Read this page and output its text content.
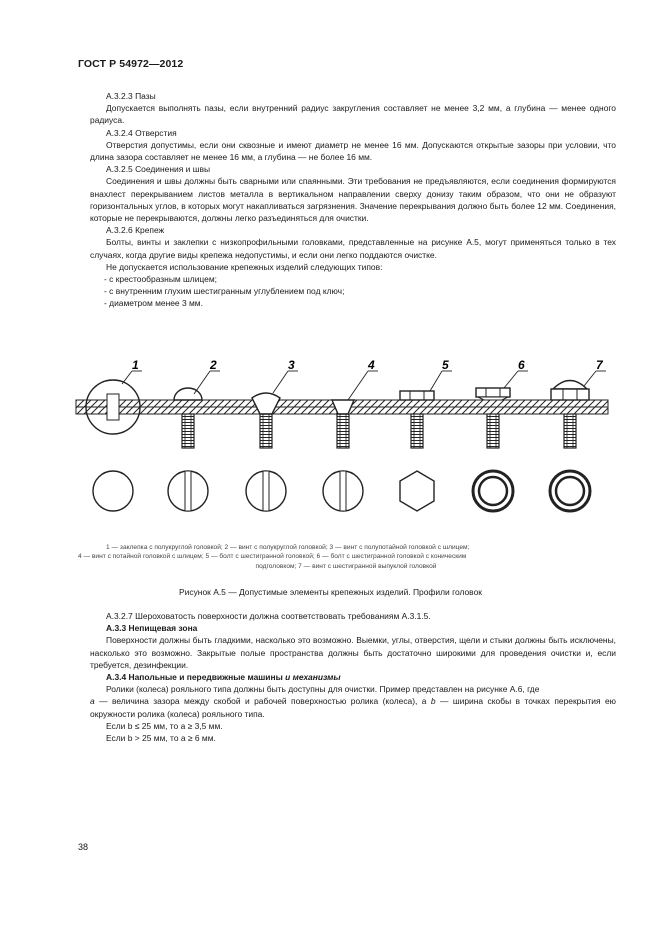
ГОСТ Р 54972—2012

А.3.2.3 Пазы

Допускается выполнять пазы, если внутренний радиус закругления составляет не менее 3,2 мм, а глубина — менее одного радиуса.

А.3.2.4 Отверстия

Отверстия допустимы, если они сквозные и имеют диаметр не менее 16 мм. Допускаются открытые зазоры при условии, что длина зазора составляет не менее 16 мм, а глубина — не более 16 мм.

А.3.2.5 Соединения и швы

Соединения и швы должны быть сварными или спаянными. Эти требования не предъявляются, если соединения формируются внахлест перекрыванием листов металла в вертикальном направлении сверху донизу таким образом, что они не образуют горизонтальных углов, в которых могут накапливаться загрязнения. Значение перекрывания должно быть более 12 мм. Соединения, которые не перекрываются, должны легко разъединяться для очистки.

А.3.2.6 Крепеж

Болты, винты и заклепки с низкопрофильными головками, представленные на рисунке А.5, могут применяться только в тех случаях, когда другие виды крепежа недопустимы, и если они легко поддаются очистке.

Не допускается использование крепежных изделий следующих типов:

- с крестообразным шлицем;

- с внутренним глухим шестигранным углублением под ключ;

- диаметром менее 3 мм.

1	2	3	4	5	6	7

1 — заклепка с полукруглой головкой; 2 — винт с полукруглой головкой; 3 — винт с полупотайной головкой с шлицем;

4 — винт с потайной головкой с шлицем; 5 — болт с шестигранной головкой; 6 — болт с шестигранной головкой с коническим

подголовком; 7 — винт с шестигранной выпуклой головкой

Рисунок А.5 — Допустимые элементы крепежных изделий. Профили головок

А.3.2.7 Шероховатость поверхности должна соответствовать требованиям А.3.1.5.

А.3.3 Непищевая зона

Поверхности должны быть гладкими, насколько это возможно. Выемки, углы, отверстия, щели и стыки должны быть исключены, насколько это возможно. Закрытые полые пространства должны быть достаточно широкими для проведения очистки и, если требуется, дезинфекции.

А.3.4 Напольные и передвижные машины и механизмы

Ролики (колеса) рояльного типа должны быть доступны для очистки. Пример представлен на рисунке А.6, где

a — величина зазора между скобой и рабочей поверхностью ролика (колеса), а b — ширина скобы в точках перекрытия ею окружности ролика (колеса) рояльного типа.

Если b ≤ 25 мм, то a ≥ 3,5 мм.

Если b > 25 мм, то a ≥ 6 мм.

38
